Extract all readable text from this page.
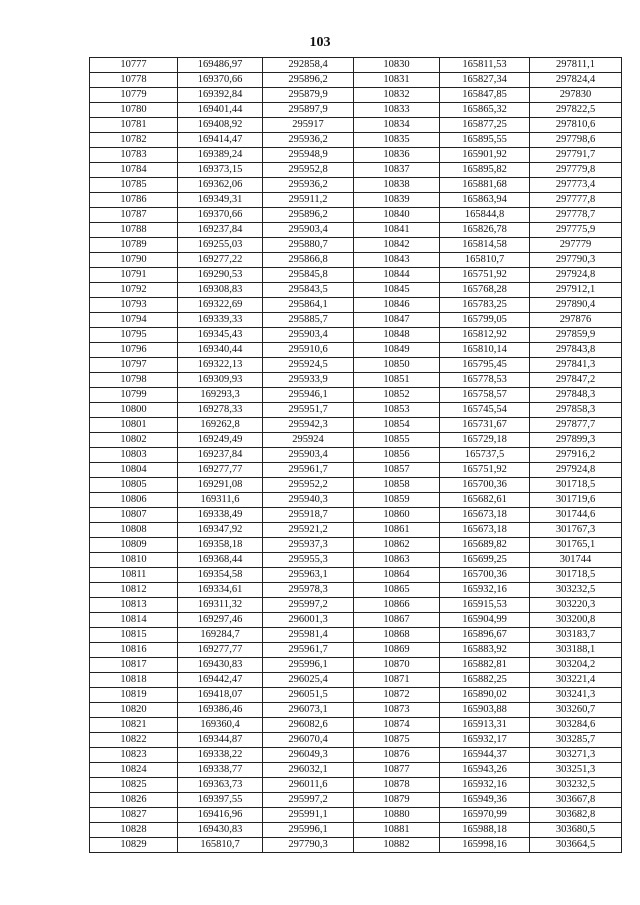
103
10777	169486,97	292858,4	10830	165811,53	297811,1
10778	169370,66	295896,2	10831	165827,34	297824,4
10779	169392,84	295879,9	10832	165847,85	297830
10780	169401,44	295897,9	10833	165865,32	297822,5
10781	169408,92	295917	10834	165877,25	297810,6
10782	169414,47	295936,2	10835	165895,55	297798,6
10783	169389,24	295948,9	10836	165901,92	297791,7
10784	169373,15	295952,8	10837	165895,82	297779,8
10785	169362,06	295936,2	10838	165881,68	297773,4
10786	169349,31	295911,2	10839	165863,94	297777,8
10787	169370,66	295896,2	10840	165844,8	297778,7
10788	169237,84	295903,4	10841	165826,78	297775,9
10789	169255,03	295880,7	10842	165814,58	297779
10790	169277,22	295866,8	10843	165810,7	297790,3
10791	169290,53	295845,8	10844	165751,92	297924,8
10792	169308,83	295843,5	10845	165768,28	297912,1
10793	169322,69	295864,1	10846	165783,25	297890,4
10794	169339,33	295885,7	10847	165799,05	297876
10795	169345,43	295903,4	10848	165812,92	297859,9
10796	169340,44	295910,6	10849	165810,14	297843,8
10797	169322,13	295924,5	10850	165795,45	297841,3
10798	169309,93	295933,9	10851	165778,53	297847,2
10799	169293,3	295946,1	10852	165758,57	297848,3
10800	169278,33	295951,7	10853	165745,54	297858,3
10801	169262,8	295942,3	10854	165731,67	297877,7
10802	169249,49	295924	10855	165729,18	297899,3
10803	169237,84	295903,4	10856	165737,5	297916,2
10804	169277,77	295961,7	10857	165751,92	297924,8
10805	169291,08	295952,2	10858	165700,36	301718,5
10806	169311,6	295940,3	10859	165682,61	301719,6
10807	169338,49	295918,7	10860	165673,18	301744,6
10808	169347,92	295921,2	10861	165673,18	301767,3
10809	169358,18	295937,3	10862	165689,82	301765,1
10810	169368,44	295955,3	10863	165699,25	301744
10811	169354,58	295963,1	10864	165700,36	301718,5
10812	169334,61	295978,3	10865	165932,16	303232,5
10813	169311,32	295997,2	10866	165915,53	303220,3
10814	169297,46	296001,3	10867	165904,99	303200,8
10815	169284,7	295981,4	10868	165896,67	303183,7
10816	169277,77	295961,7	10869	165883,92	303188,1
10817	169430,83	295996,1	10870	165882,81	303204,2
10818	169442,47	296025,4	10871	165882,25	303221,4
10819	169418,07	296051,5	10872	165890,02	303241,3
10820	169386,46	296073,1	10873	165903,88	303260,7
10821	169360,4	296082,6	10874	165913,31	303284,6
10822	169344,87	296070,4	10875	165932,17	303285,7
10823	169338,22	296049,3	10876	165944,37	303271,3
10824	169338,77	296032,1	10877	165943,26	303251,3
10825	169363,73	296011,6	10878	165932,16	303232,5
10826	169397,55	295997,2	10879	165949,36	303667,8
10827	169416,96	295991,1	10880	165970,99	303682,8
10828	169430,83	295996,1	10881	165988,18	303680,5
10829	165810,7	297790,3	10882	165998,16	303664,5
